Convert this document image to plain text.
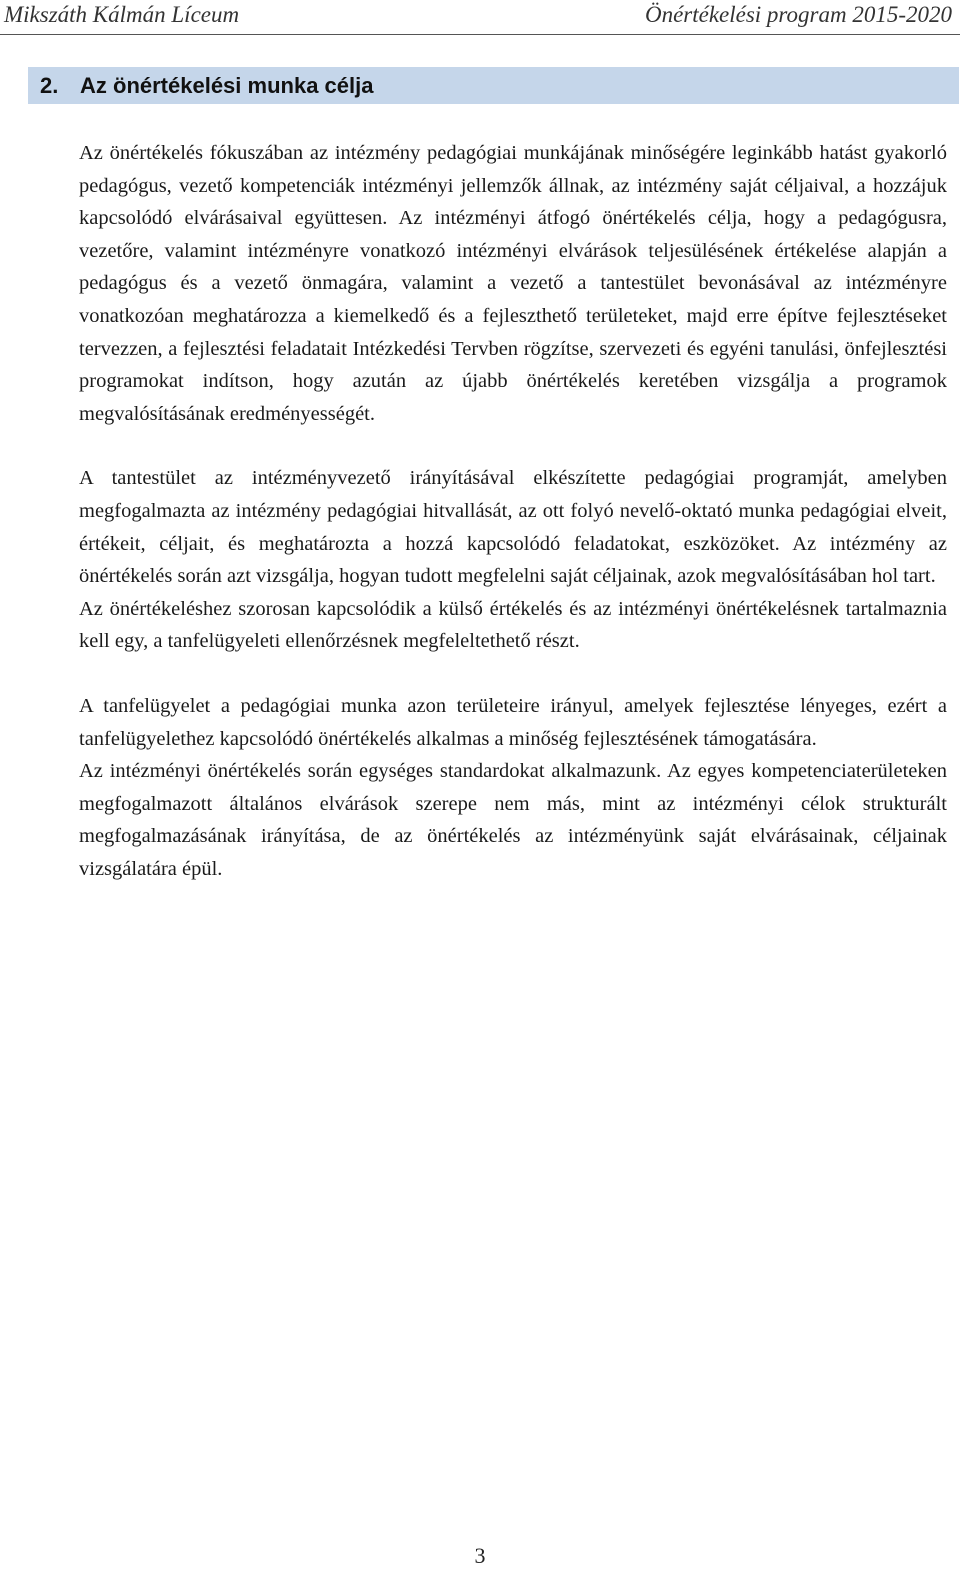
Mikszáth Kálmán Líceum	Önértékelési program 2015-2020
2. Az önértékelési munka célja

Az önértékelés fókuszában az intézmény pedagógiai munkájának minőségére leginkább hatást gyakorló pedagógus, vezető kompetenciák intézményi jellemzők állnak, az intézmény saját céljaival, a hozzájuk kapcsolódó elvárásaival együttesen. Az intézményi átfogó önértékelés célja, hogy a pedagógusra, vezetőre, valamint intézményre vonatkozó intézményi elvárások teljesülésének értékelése alapján a pedagógus és a vezető önmagára, valamint a vezető a tantestület bevonásával az intézményre vonatkozóan meghatározza a kiemelkedő és a fejleszthető területeket, majd erre építve fejlesztéseket tervezzen, a fejlesztési feladatait Intézkedési Tervben rögzítse, szervezeti és egyéni tanulási, önfejlesztési programokat indítson, hogy azután az újabb önértékelés keretében vizsgálja a programok megvalósításának eredményességét.

A tantestület az intézményvezető irányításával elkészítette pedagógiai programját, amelyben megfogalmazta az intézmény pedagógiai hitvallását, az ott folyó nevelő-oktató munka pedagógiai elveit, értékeit, céljait, és meghatározta a hozzá kapcsolódó feladatokat, eszközöket. Az intézmény az önértékelés során azt vizsgálja, hogyan tudott megfelelni saját céljainak, azok megvalósításában hol tart.

Az önértékeléshez szorosan kapcsolódik a külső értékelés és az intézményi önértékelésnek tartalmaznia kell egy, a tanfelügyeleti ellenőrzésnek megfeleltethető részt.

A tanfelügyelet a pedagógiai munka azon területeire irányul, amelyek fejlesztése lényeges, ezért a tanfelügyelethez kapcsolódó önértékelés alkalmas a minőség fejlesztésének támogatására.

Az intézményi önértékelés során egységes standardokat alkalmazunk. Az egyes kompetenciaterületeken megfogalmazott általános elvárások szerepe nem más, mint az intézményi célok strukturált megfogalmazásának irányítása, de az önértékelés az intézményünk saját elvárásainak, céljainak vizsgálatára épül.

3
